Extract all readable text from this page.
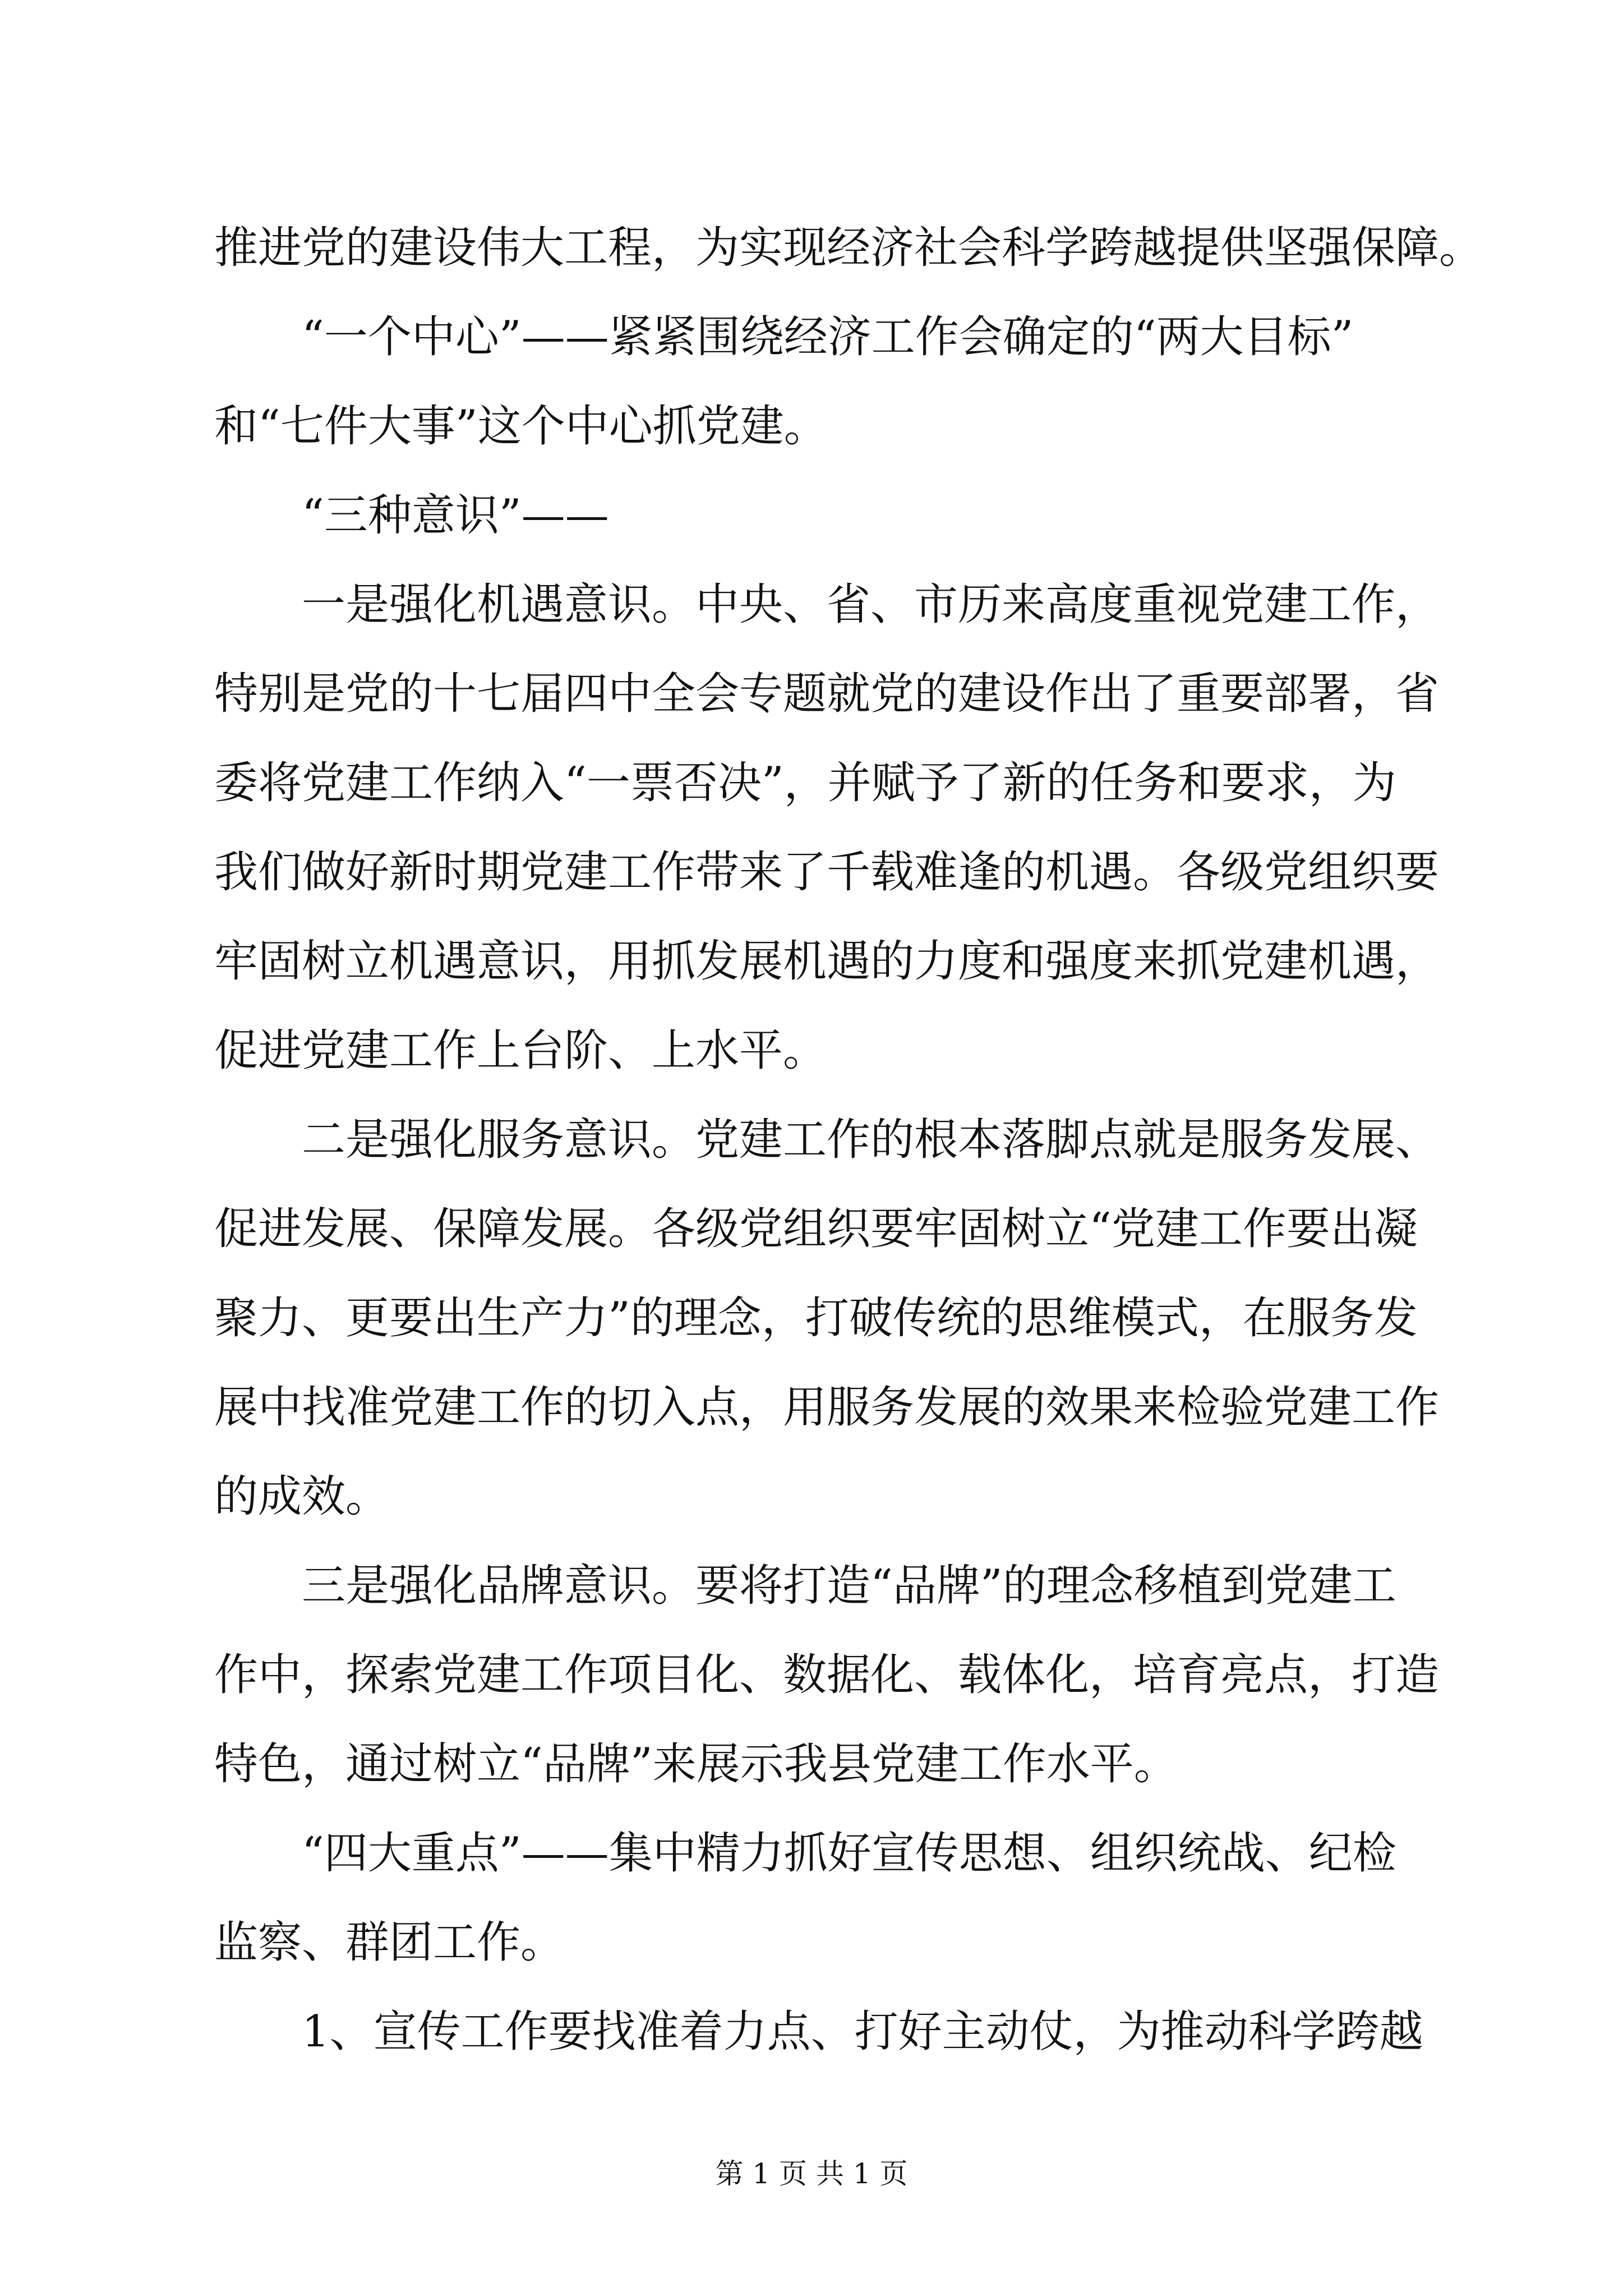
推进党的建设伟大工程，为实现经济社会科学跨越提供坚强保障。
“一个中心”——紧紧围绕经济工作会确定的“两大目标”
和“七件大事”这个中心抓党建。
“三种意识”——
一是强化机遇意识。中央、省、市历来高度重视党建工作，
特别是党的十七届四中全会专题就党的建设作出了重要部署，省
委将党建工作纳入“一票否决”，并赋予了新的任务和要求，为
我们做好新时期党建工作带来了千载难逢的机遇。各级党组织要
牢固树立机遇意识，用抓发展机遇的力度和强度来抓党建机遇，
促进党建工作上台阶、上水平。
二是强化服务意识。党建工作的根本落脚点就是服务发展、
促进发展、保障发展。各级党组织要牢固树立“党建工作要出凝
聚力、更要出生产力”的理念，打破传统的思维模式，在服务发
展中找准党建工作的切入点，用服务发展的效果来检验党建工作
的成效。
三是强化品牌意识。要将打造“品牌”的理念移植到党建工
作中，探索党建工作项目化、数据化、载体化，培育亮点，打造
特色，通过树立“品牌”来展示我县党建工作水平。
“四大重点”——集中精力抓好宣传思想、组织统战、纪检
监察、群团工作。
1、宣传工作要找准着力点、打好主动仗，为推动科学跨越
第 1 页 共 1 页
